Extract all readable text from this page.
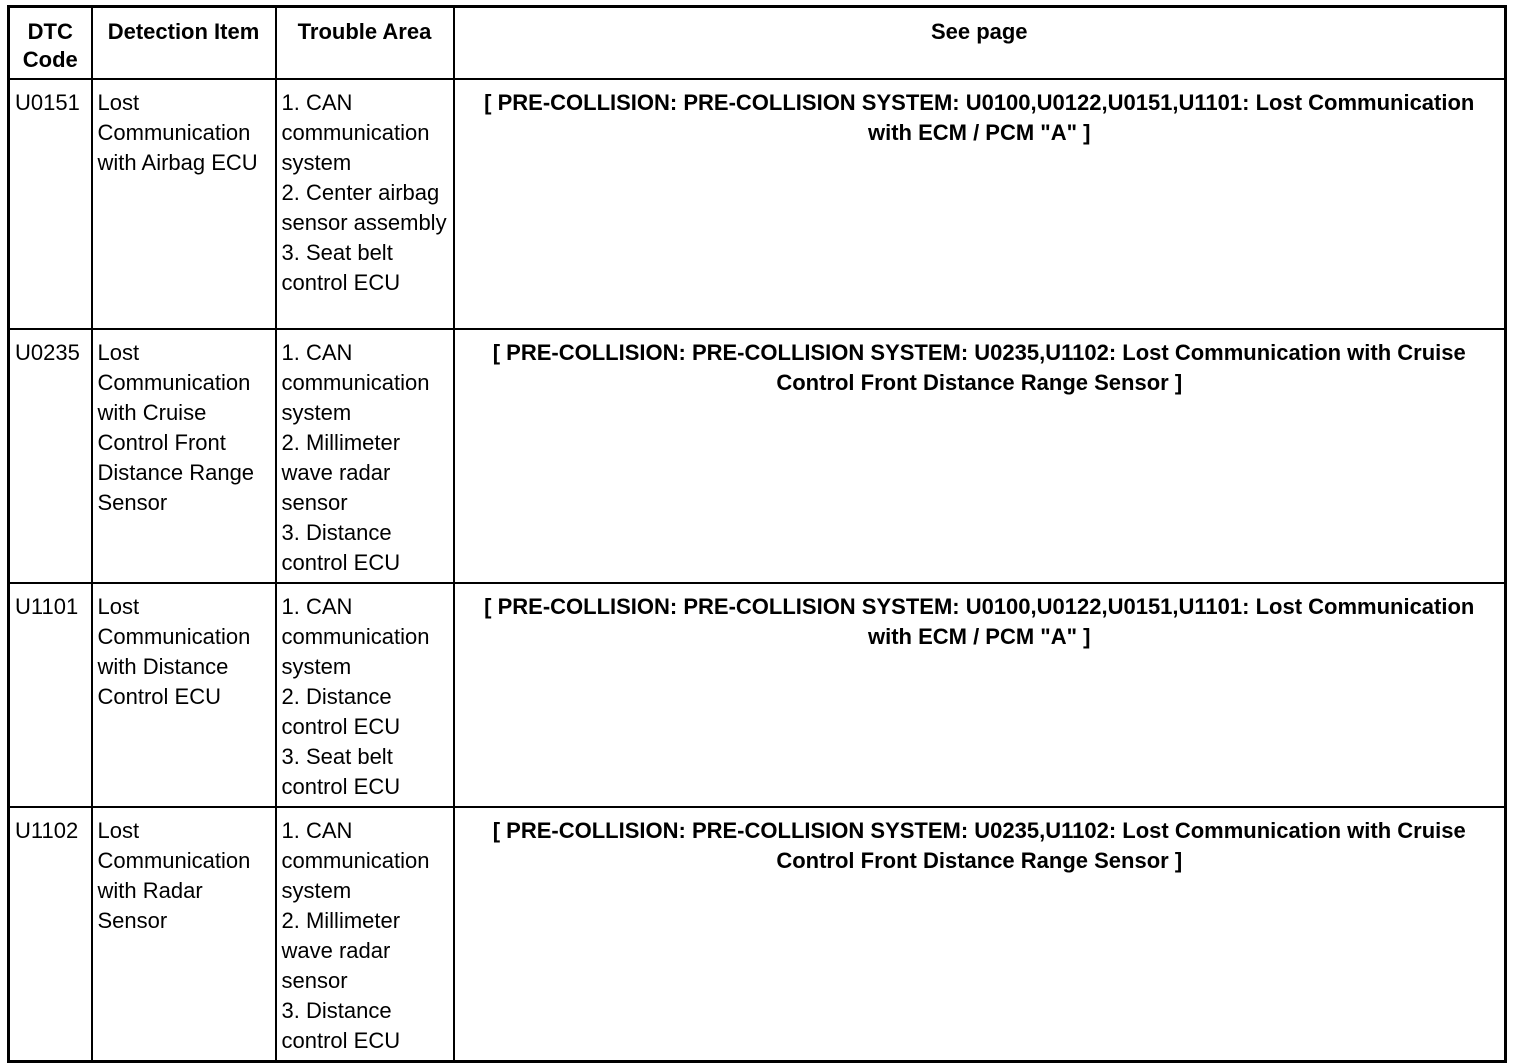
DTC Code	Detection Item	Trouble Area	See page
U0151	Lost Communication with Airbag ECU	1. CAN communication system
2. Center airbag sensor assembly
3. Seat belt control ECU	[ PRE-COLLISION: PRE-COLLISION SYSTEM: U0100,U0122,U0151,U1101: Lost Communication with ECM / PCM "A" ]
U0235	Lost Communication with Cruise Control Front Distance Range Sensor	1. CAN communication system
2. Millimeter wave radar sensor
3. Distance control ECU	[ PRE-COLLISION: PRE-COLLISION SYSTEM: U0235,U1102: Lost Communication with Cruise Control Front Distance Range Sensor ]
U1101	Lost Communication with Distance Control ECU	1. CAN communication system
2. Distance control ECU
3. Seat belt control ECU	[ PRE-COLLISION: PRE-COLLISION SYSTEM: U0100,U0122,U0151,U1101: Lost Communication with ECM / PCM "A" ]
U1102	Lost Communication with Radar Sensor	1. CAN communication system
2. Millimeter wave radar sensor
3. Distance control ECU	[ PRE-COLLISION: PRE-COLLISION SYSTEM: U0235,U1102: Lost Communication with Cruise Control Front Distance Range Sensor ]
